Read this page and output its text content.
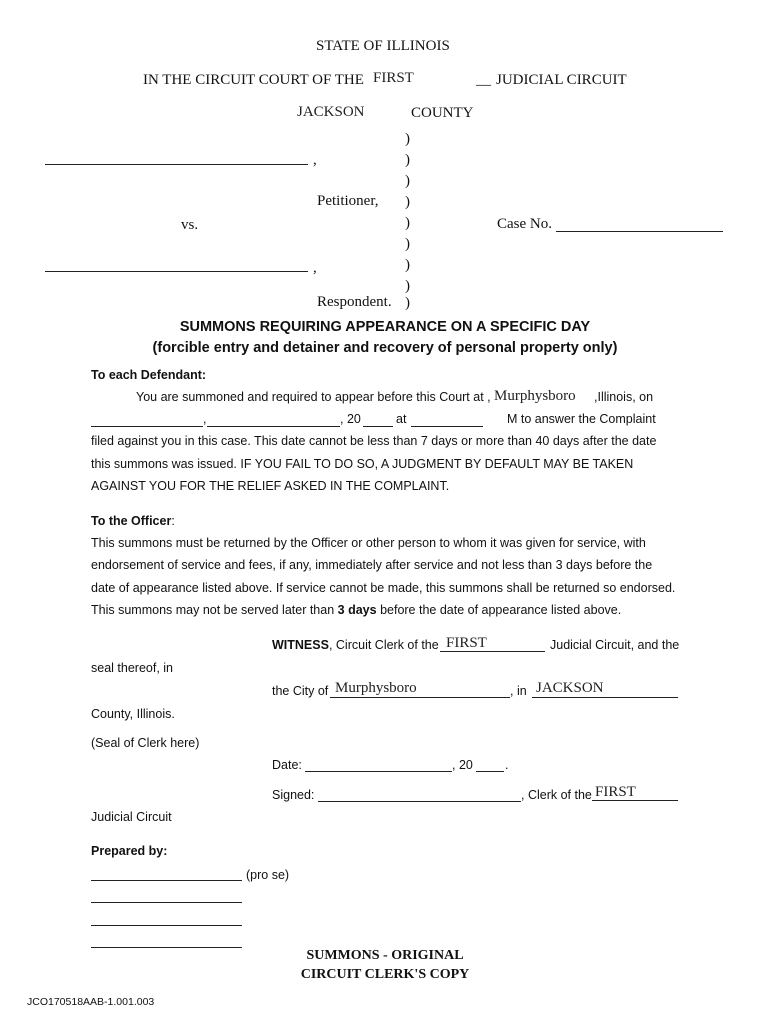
STATE OF ILLINOIS
IN THE CIRCUIT COURT OF THE FIRST	__ JUDICIAL CIRCUIT
JACKSON	COUNTY
)
)
)
)
)
)
)
)
)
,
Petitioner,
vs.	Case No.
,
Respondent.
SUMMONS REQUIRING APPEARANCE ON A SPECIFIC DAY
(forcible entry and detainer and recovery of personal property only)
To each Defendant:
You are summoned and required to appear before this Court at , Murphysboro ,Illinois, on
,	, 20	at	M to answer the Complaint
filed against you in this case. This date cannot be less than 7 days or more than 40 days after the date
this summons was issued. IF YOU FAIL TO DO SO, A JUDGMENT BY DEFAULT MAY BE TAKEN
AGAINST YOU FOR THE RELIEF ASKED IN THE COMPLAINT.
To the Officer:
This summons must be returned by the Officer or other person to whom it was given for service, with
endorsement of service and fees, if any, immediately after service and not less than 3 days before the
date of appearance listed above. If service cannot be made, this summons shall be returned so endorsed.
This summons may not be served later than 3 days before the date of appearance listed above.
WITNESS, Circuit Clerk of the FIRST	Judicial Circuit, and the
seal thereof, in
the City of Murphysboro	, in JACKSON
County, Illinois.
(Seal of Clerk here)
Date:	, 20	.
Signed:	, Clerk of the FIRST
Judicial Circuit
Prepared by:
(pro se)
SUMMONS - ORIGINAL
CIRCUIT CLERK'S COPY
JCO170518AAB-1.001.003
